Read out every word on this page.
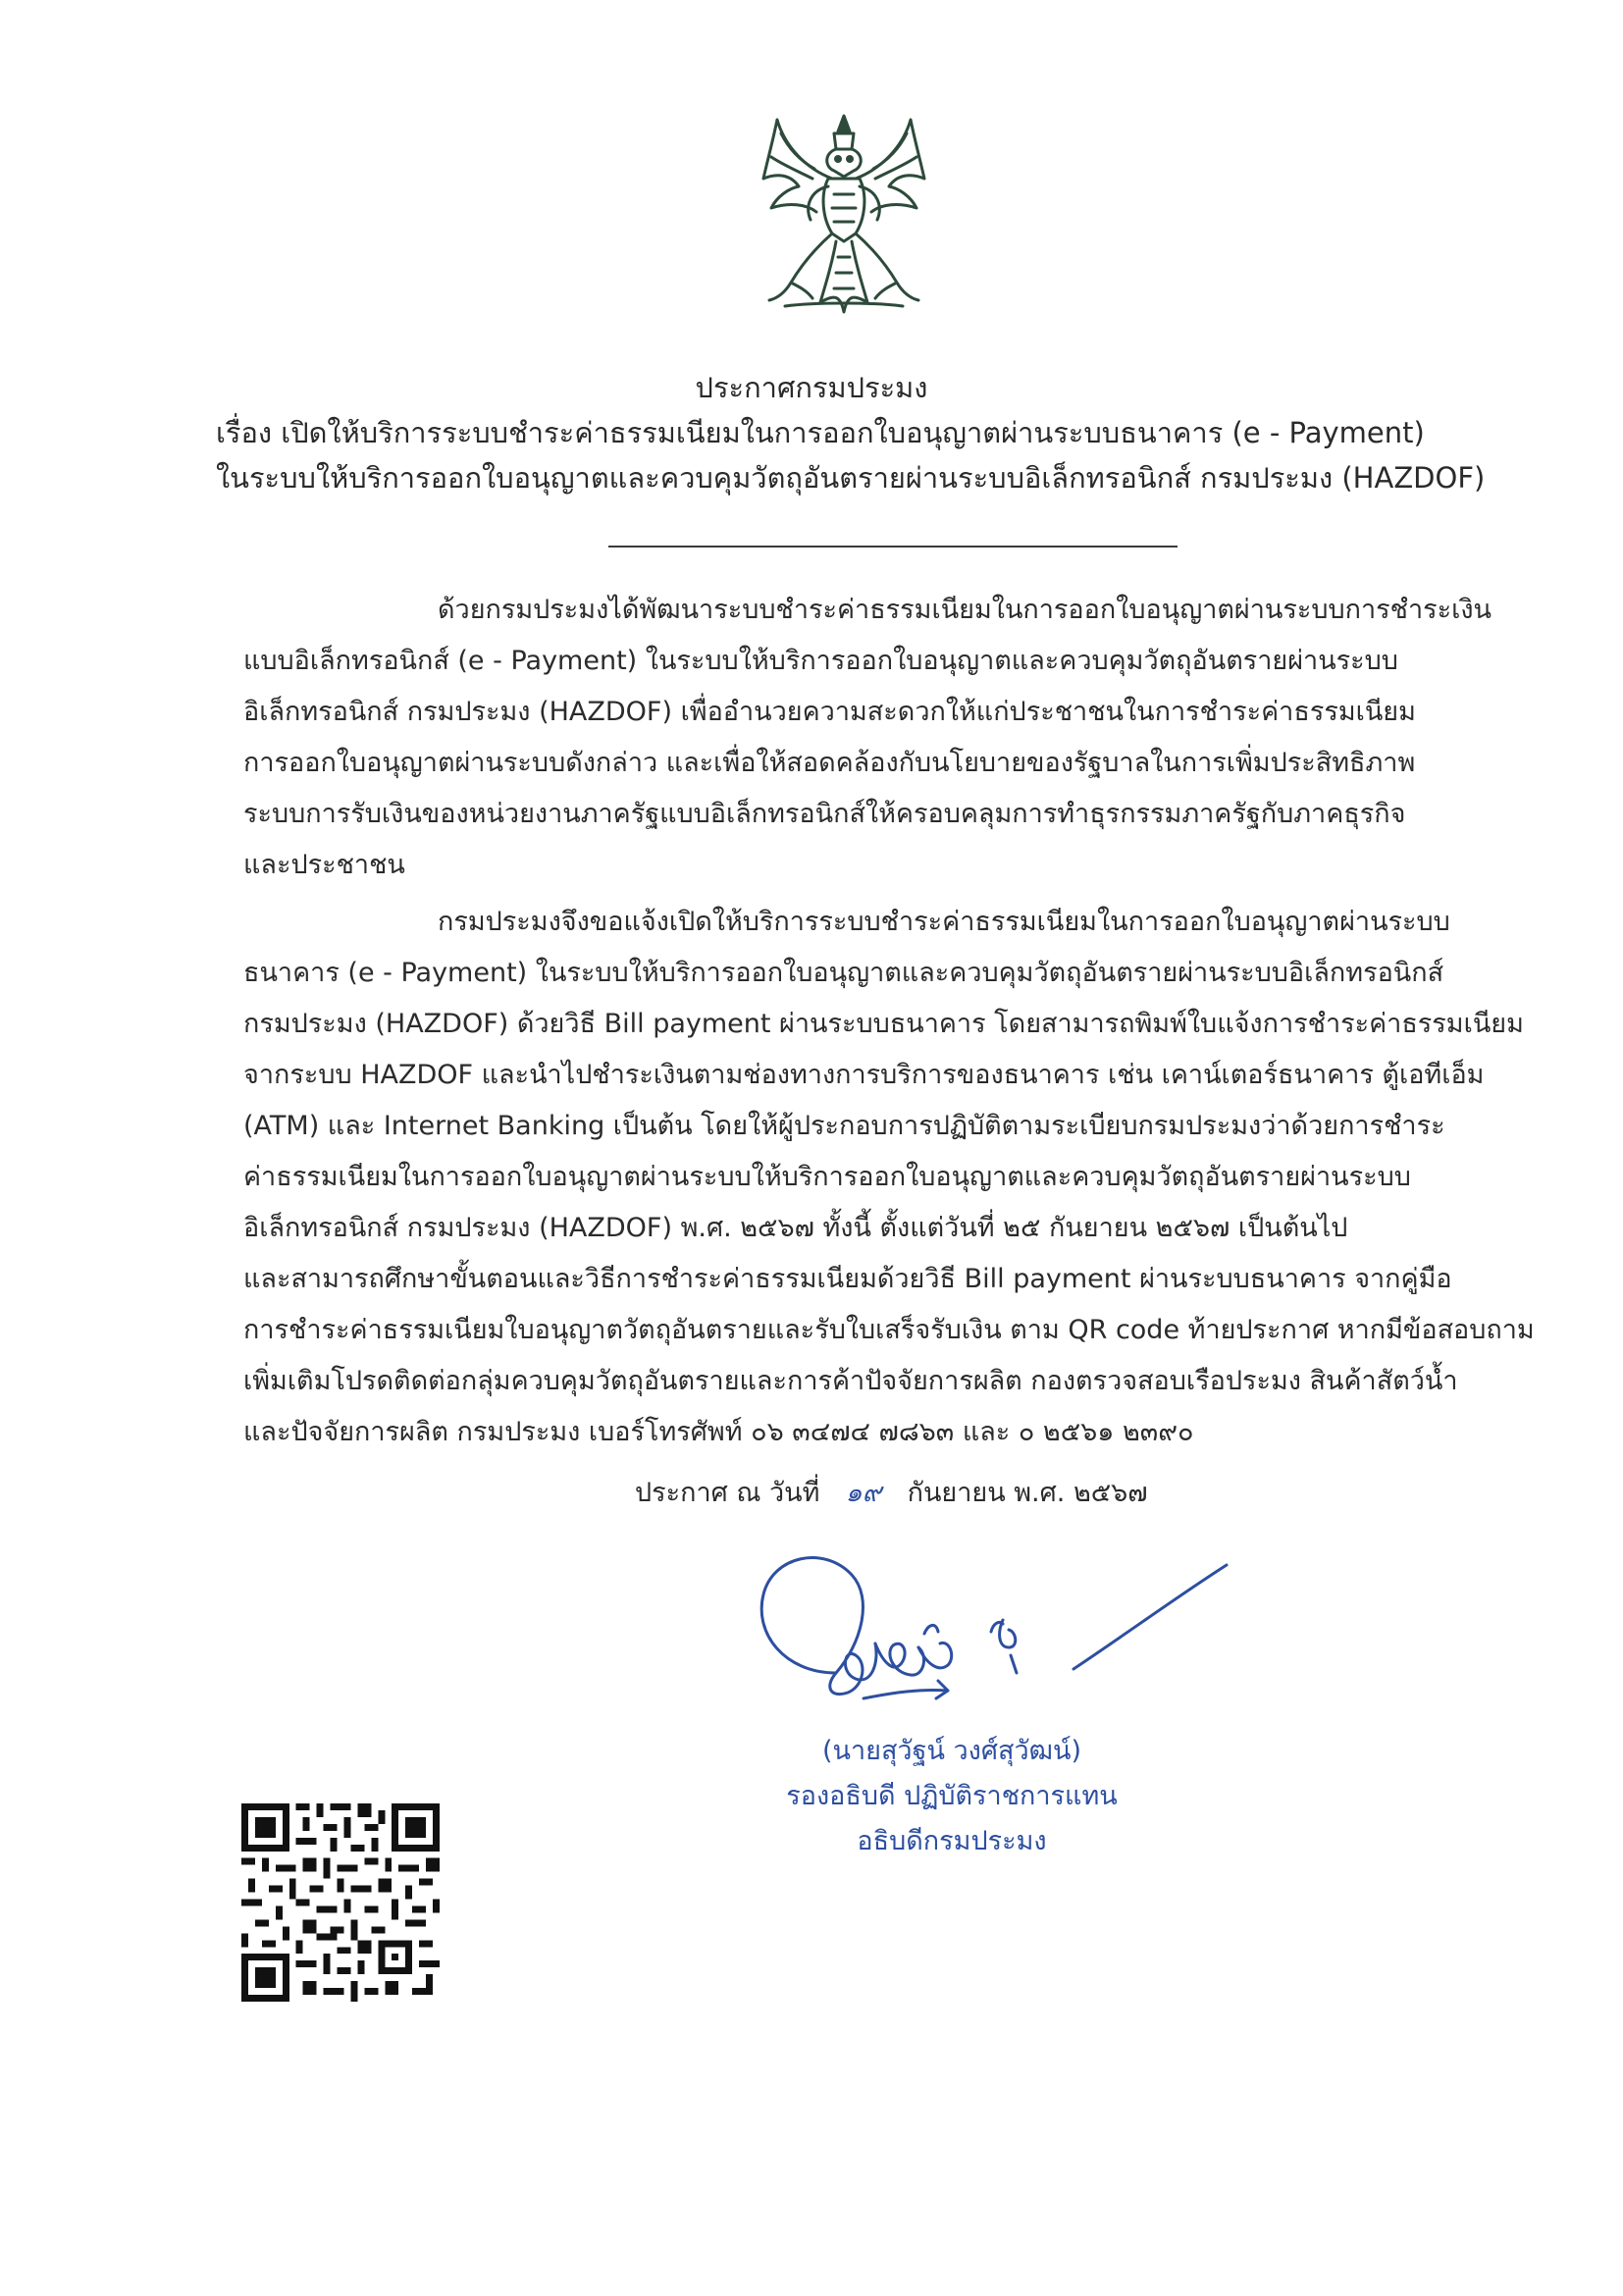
ประกาศกรมประมง
เรื่อง เปิดให้บริการระบบชำระค่าธรรมเนียมในการออกใบอนุญาตผ่านระบบธนาคาร (e - Payment)
ในระบบให้บริการออกใบอนุญาตและควบคุมวัตถุอันตรายผ่านระบบอิเล็กทรอนิกส์ กรมประมง (HAZDOF)
ด้วยกรมประมงได้พัฒนาระบบชำระค่าธรรมเนียมในการออกใบอนุญาตผ่านระบบการชำระเงิน
แบบอิเล็กทรอนิกส์ (e - Payment) ในระบบให้บริการออกใบอนุญาตและควบคุมวัตถุอันตรายผ่านระบบ
อิเล็กทรอนิกส์ กรมประมง (HAZDOF) เพื่ออำนวยความสะดวกให้แก่ประชาชนในการชำระค่าธรรมเนียม
การออกใบอนุญาตผ่านระบบดังกล่าว และเพื่อให้สอดคล้องกับนโยบายของรัฐบาลในการเพิ่มประสิทธิภาพ
ระบบการรับเงินของหน่วยงานภาครัฐแบบอิเล็กทรอนิกส์ให้ครอบคลุมการทำธุรกรรมภาครัฐกับภาคธุรกิจ
และประชาชน
กรมประมงจึงขอแจ้งเปิดให้บริการระบบชำระค่าธรรมเนียมในการออกใบอนุญาตผ่านระบบ
ธนาคาร (e - Payment) ในระบบให้บริการออกใบอนุญาตและควบคุมวัตถุอันตรายผ่านระบบอิเล็กทรอนิกส์
กรมประมง (HAZDOF) ด้วยวิธี Bill payment ผ่านระบบธนาคาร โดยสามารถพิมพ์ใบแจ้งการชำระค่าธรรมเนียม
จากระบบ HAZDOF และนำไปชำระเงินตามช่องทางการบริการของธนาคาร เช่น เคาน์เตอร์ธนาคาร ตู้เอทีเอ็ม
(ATM) และ Internet Banking เป็นต้น โดยให้ผู้ประกอบการปฏิบัติตามระเบียบกรมประมงว่าด้วยการชำระ
ค่าธรรมเนียมในการออกใบอนุญาตผ่านระบบให้บริการออกใบอนุญาตและควบคุมวัตถุอันตรายผ่านระบบ
อิเล็กทรอนิกส์ กรมประมง (HAZDOF) พ.ศ. ๒๕๖๗ ทั้งนี้ ตั้งแต่วันที่ ๒๕ กันยายน ๒๕๖๗ เป็นต้นไป
และสามารถศึกษาขั้นตอนและวิธีการชำระค่าธรรมเนียมด้วยวิธี Bill payment ผ่านระบบธนาคาร จากคู่มือ
การชำระค่าธรรมเนียมใบอนุญาตวัตถุอันตรายและรับใบเสร็จรับเงิน ตาม QR code ท้ายประกาศ หากมีข้อสอบถาม
เพิ่มเติมโปรดติดต่อกลุ่มควบคุมวัตถุอันตรายและการค้าปัจจัยการผลิต กองตรวจสอบเรือประมง สินค้าสัตว์น้ำ
และปัจจัยการผลิต กรมประมง เบอร์โทรศัพท์ ๐๖ ๓๔๗๔ ๗๘๖๓ และ ๐ ๒๕๖๑ ๒๓๙๐
ประกาศ ณ วันที่ ๑๙ กันยายน พ.ศ. ๒๕๖๗
(นายสุวัฐน์ วงศ์สุวัฒน์)
รองอธิบดี ปฏิบัติราชการแทน
อธิบดีกรมประมง
